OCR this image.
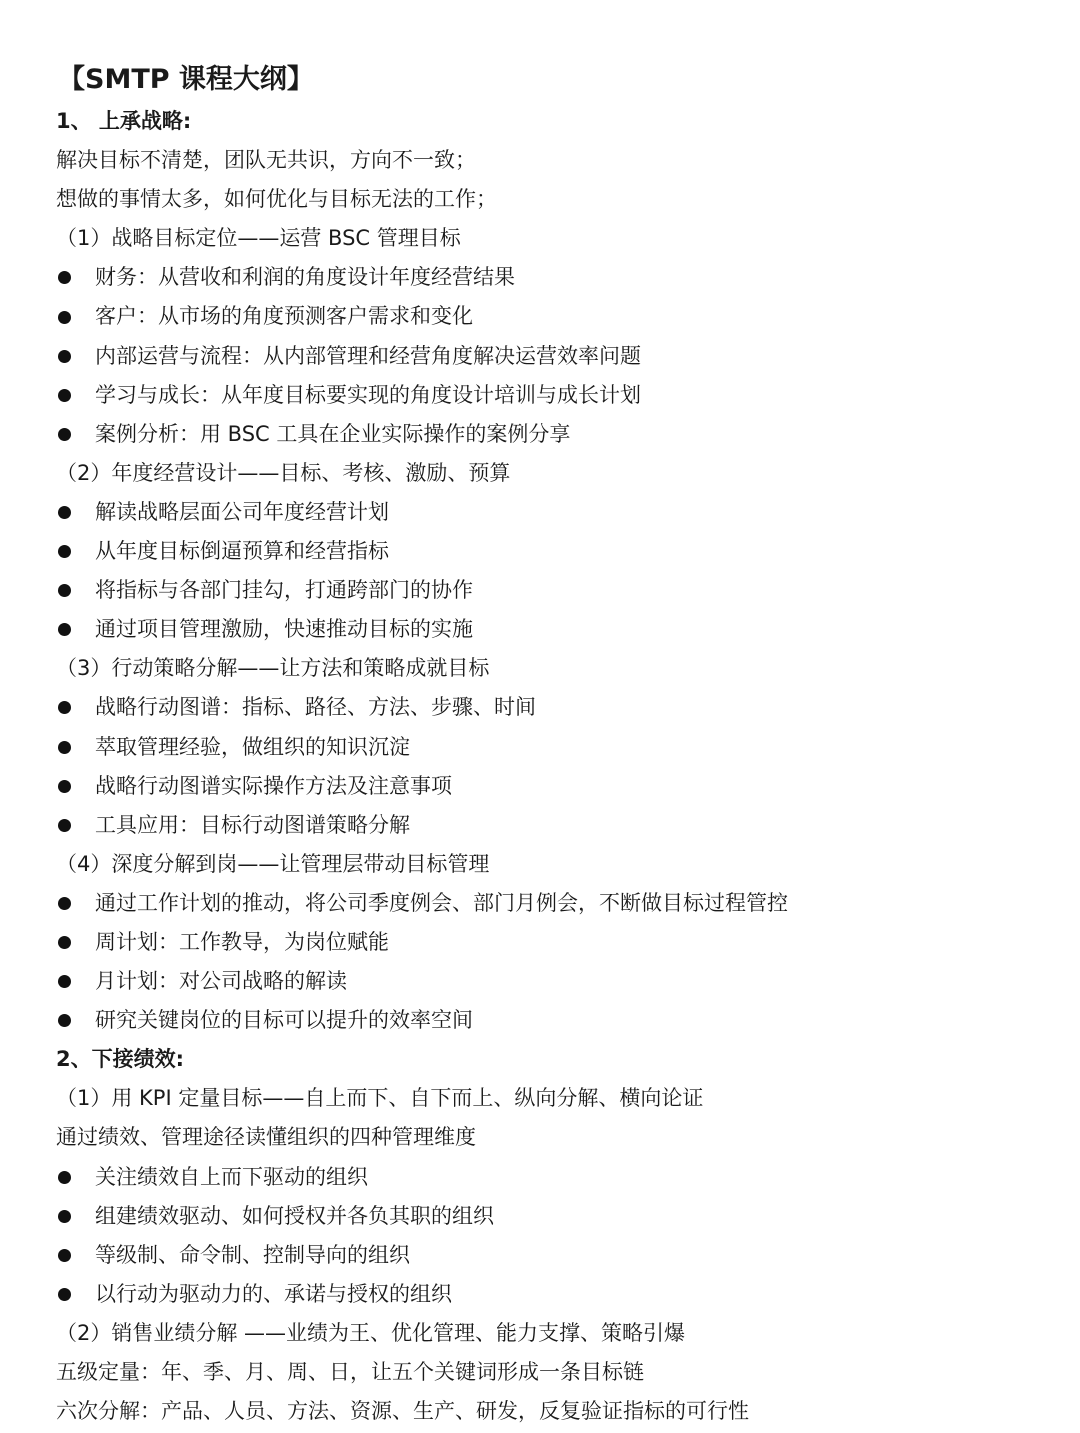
【SMTP 课程大纲】
1、 上承战略:
解决目标不清楚，团队无共识，方向不一致；
想做的事情太多，如何优化与目标无法的工作；
（1）战略目标定位——运营 BSC 管理目标
财务：从营收和利润的角度设计年度经营结果
客户：从市场的角度预测客户需求和变化
内部运营与流程：从内部管理和经营角度解决运营效率问题
学习与成长：从年度目标要实现的角度设计培训与成长计划
案例分析：用 BSC 工具在企业实际操作的案例分享
（2）年度经营设计——目标、考核、激励、预算
解读战略层面公司年度经营计划
从年度目标倒逼预算和经营指标
将指标与各部门挂勾，打通跨部门的协作
通过项目管理激励，快速推动目标的实施
（3）行动策略分解——让方法和策略成就目标
战略行动图谱：指标、路径、方法、步骤、时间
萃取管理经验，做组织的知识沉淀
战略行动图谱实际操作方法及注意事项
工具应用：目标行动图谱策略分解
（4）深度分解到岗——让管理层带动目标管理
通过工作计划的推动，将公司季度例会、部门月例会，不断做目标过程管控
周计划：工作教导，为岗位赋能
月计划：对公司战略的解读
研究关键岗位的目标可以提升的效率空间
2、下接绩效:
（1）用 KPI 定量目标——自上而下、自下而上、纵向分解、横向论证
通过绩效、管理途径读懂组织的四种管理维度
关注绩效自上而下驱动的组织
组建绩效驱动、如何授权并各负其职的组织
等级制、命令制、控制导向的组织
以行动为驱动力的、承诺与授权的组织
（2）销售业绩分解 ——业绩为王、优化管理、能力支撑、策略引爆
五级定量：年、季、月、周、日，让五个关键词形成一条目标链
六次分解：产品、人员、方法、资源、生产、研发，反复验证指标的可行性
